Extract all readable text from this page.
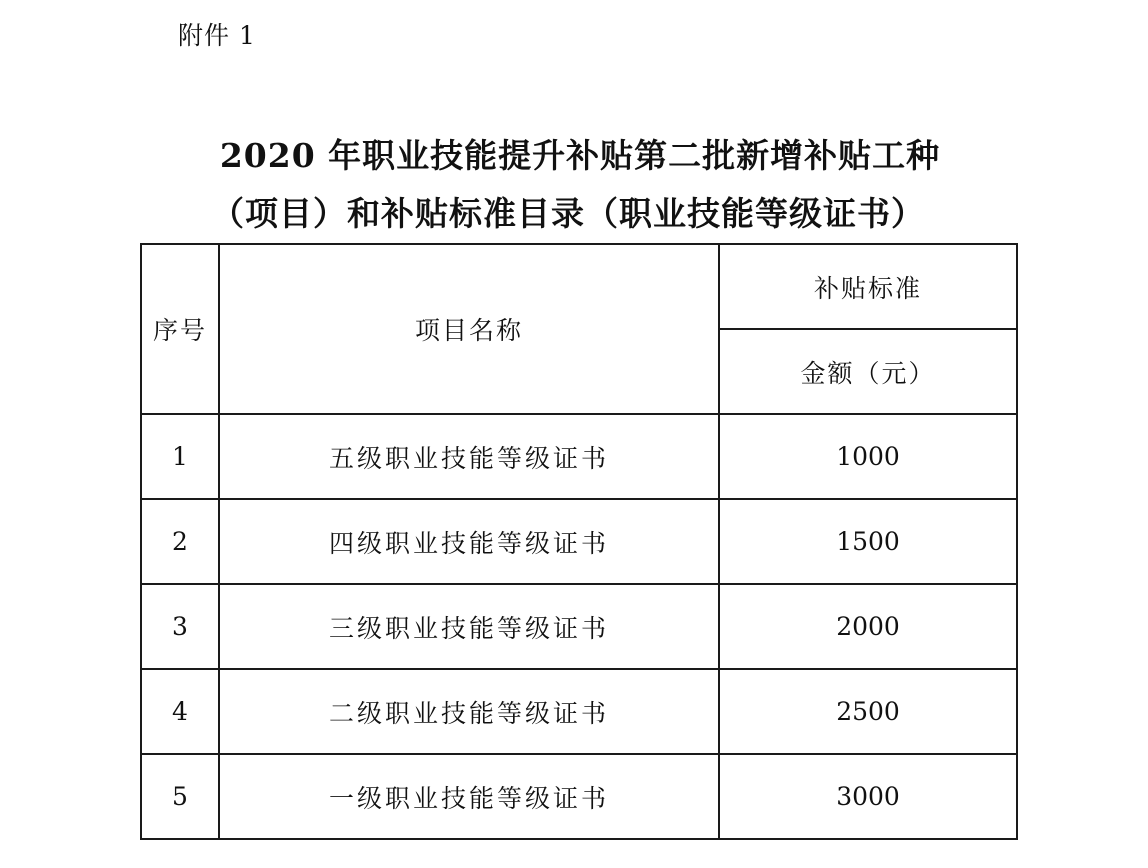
附件 1
2020 年职业技能提升补贴第二批新增补贴工种
（项目）和补贴标准目录（职业技能等级证书）
序号	项目名称	补贴标准
		金额（元）
1	五级职业技能等级证书	1000
2	四级职业技能等级证书	1500
3	三级职业技能等级证书	2000
4	二级职业技能等级证书	2500
5	一级职业技能等级证书	3000
